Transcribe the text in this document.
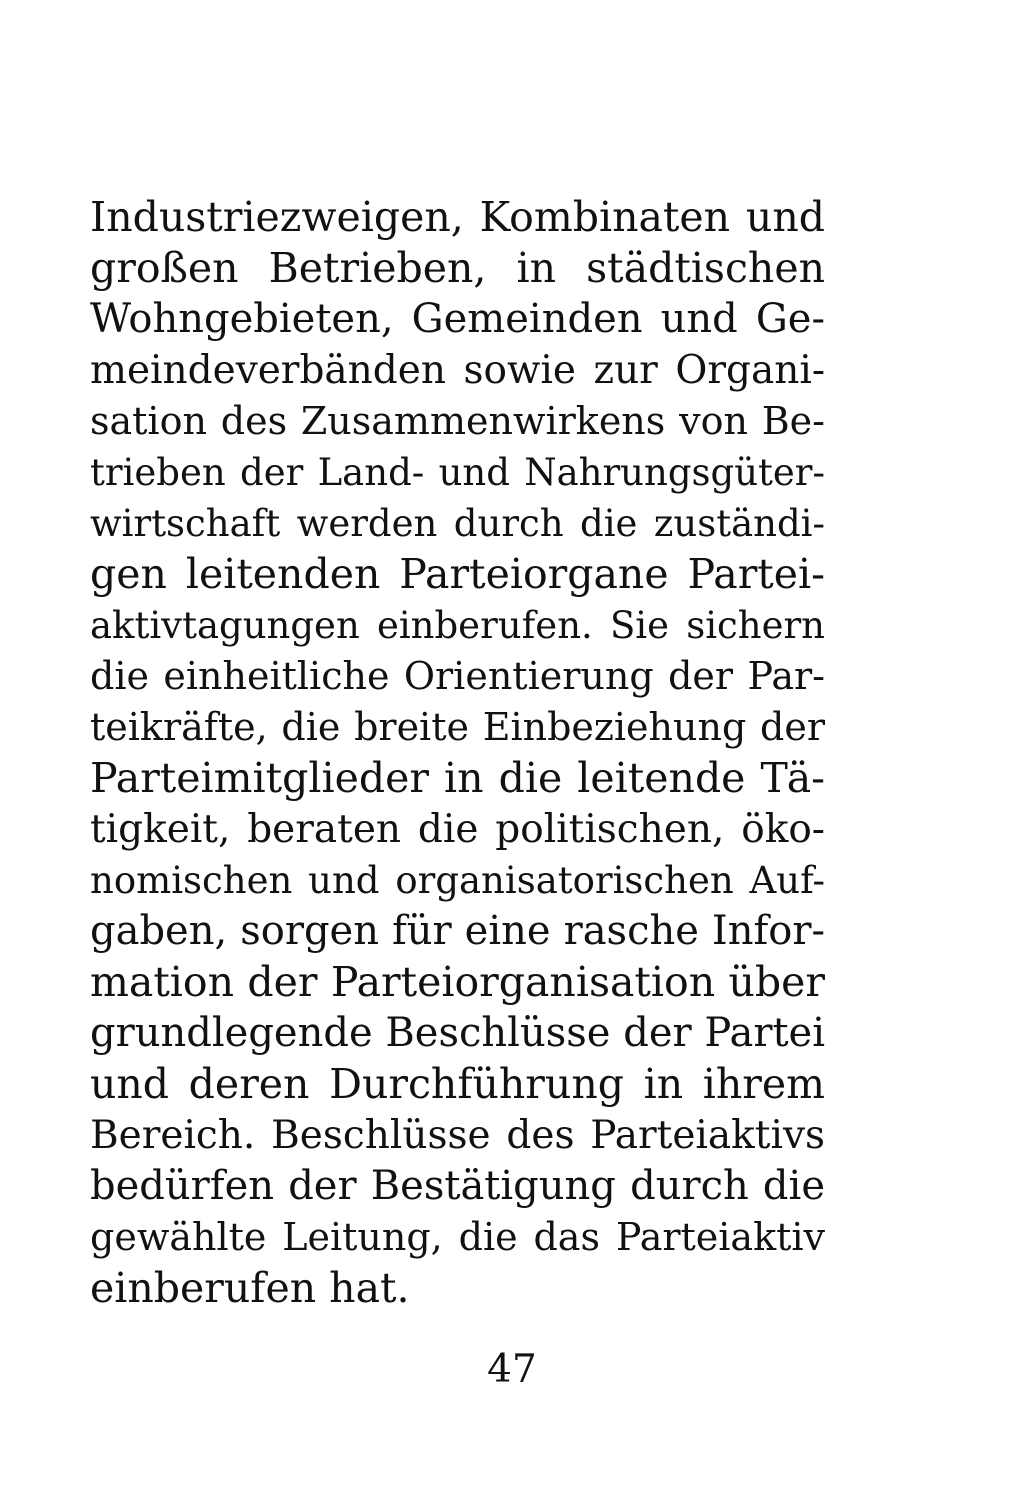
Industriezweigen, Kombinaten und
großen Betrieben, in städtischen
Wohngebieten, Gemeinden und Ge-
meindeverbänden sowie zur Organi-
sation des Zusammenwirkens von Be-
trieben der Land- und Nahrungsgüter-
wirtschaft werden durch die zuständi-
gen leitenden Parteiorgane Partei-
aktivtagungen einberufen. Sie sichern
die einheitliche Orientierung der Par-
teikräfte, die breite Einbeziehung der
Parteimitglieder in die leitende Tä-
tigkeit, beraten die politischen, öko-
nomischen und organisatorischen Auf-
gaben, sorgen für eine rasche Infor-
mation der Parteiorganisation über
grundlegende Beschlüsse der Partei
und deren Durchführung in ihrem
Bereich. Beschlüsse des Parteiaktivs
bedürfen der Bestätigung durch die
gewählte Leitung, die das Parteiaktiv
einberufen hat.
47
